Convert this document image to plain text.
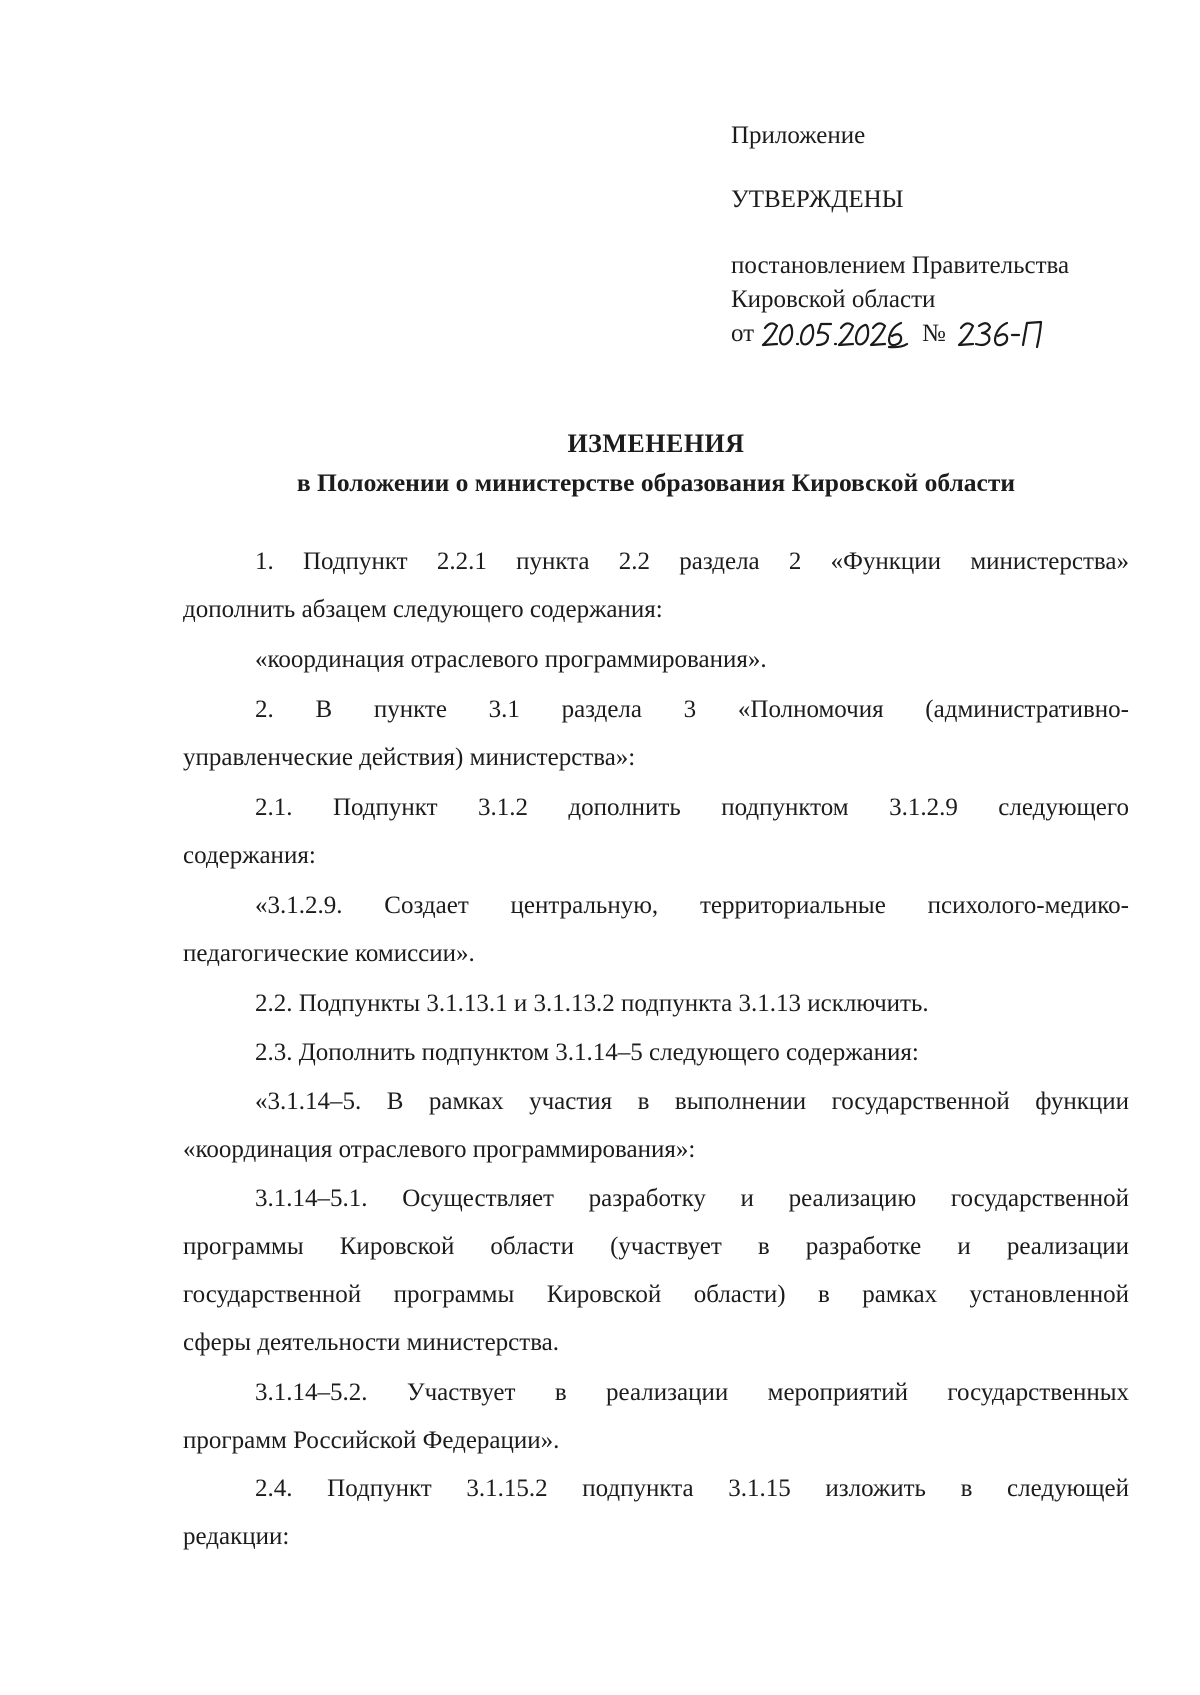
Приложение
УТВЕРЖДЕНЫ
постановлением Правительства
Кировской области
от	№
ИЗМЕНЕНИЯ
в Положении о министерстве образования Кировской области
1. Подпункт 2.2.1 пункта 2.2 раздела 2 «Функции министерства»
дополнить абзацем следующего содержания:
«координация отраслевого программирования».
2. В пункте 3.1 раздела 3 «Полномочия (административно-
управленческие действия) министерства»:
2.1. Подпункт 3.1.2 дополнить подпунктом 3.1.2.9 следующего
содержания:
«3.1.2.9. Создает центральную, территориальные психолого-медико-
педагогические комиссии».
2.2. Подпункты 3.1.13.1 и 3.1.13.2 подпункта 3.1.13 исключить.
2.3. Дополнить подпунктом 3.1.14–5 следующего содержания:
«3.1.14–5. В рамках участия в выполнении государственной функции
«координация отраслевого программирования»:
3.1.14–5.1. Осуществляет разработку и реализацию государственной
программы Кировской области (участвует в разработке и реализации
государственной программы Кировской области) в рамках установленной
сферы деятельности министерства.
3.1.14–5.2. Участвует в реализации мероприятий государственных
программ Российской Федерации».
2.4. Подпункт 3.1.15.2 подпункта 3.1.15 изложить в следующей
редакции:
